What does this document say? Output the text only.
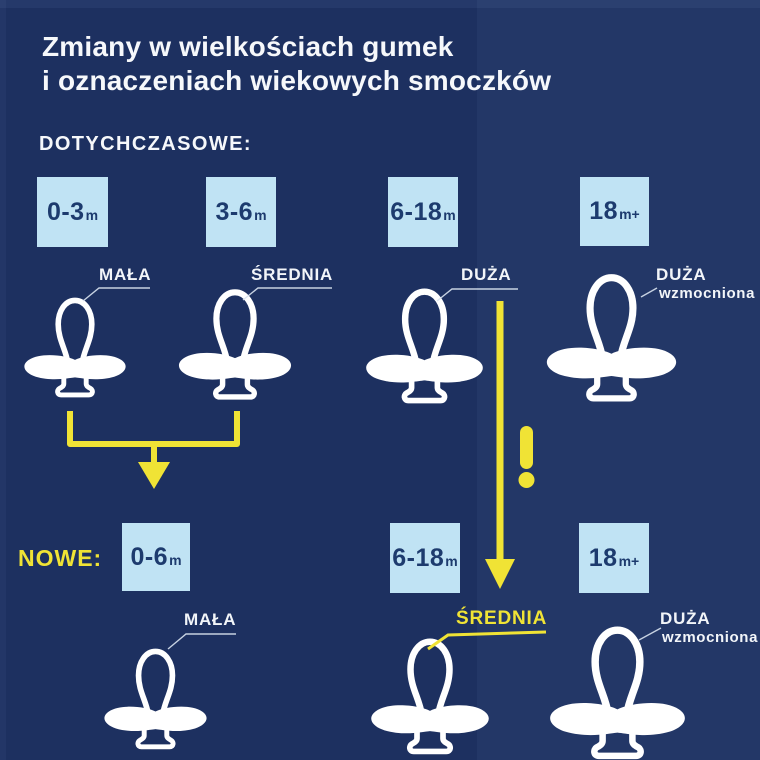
Zmiany w wielkościach gumek
i oznaczeniach wiekowych smoczków
DOTYCHCZASOWE:
0-3 m	3-6 m	6-18 m	18 m+
MAŁA	ŚREDNIA	DUŻA	DUŻA
wzmocniona
NOWE: 0-6 m	6-18 m	18 m+
MAŁA	ŚREDNIA	DUŻA
wzmocniona
